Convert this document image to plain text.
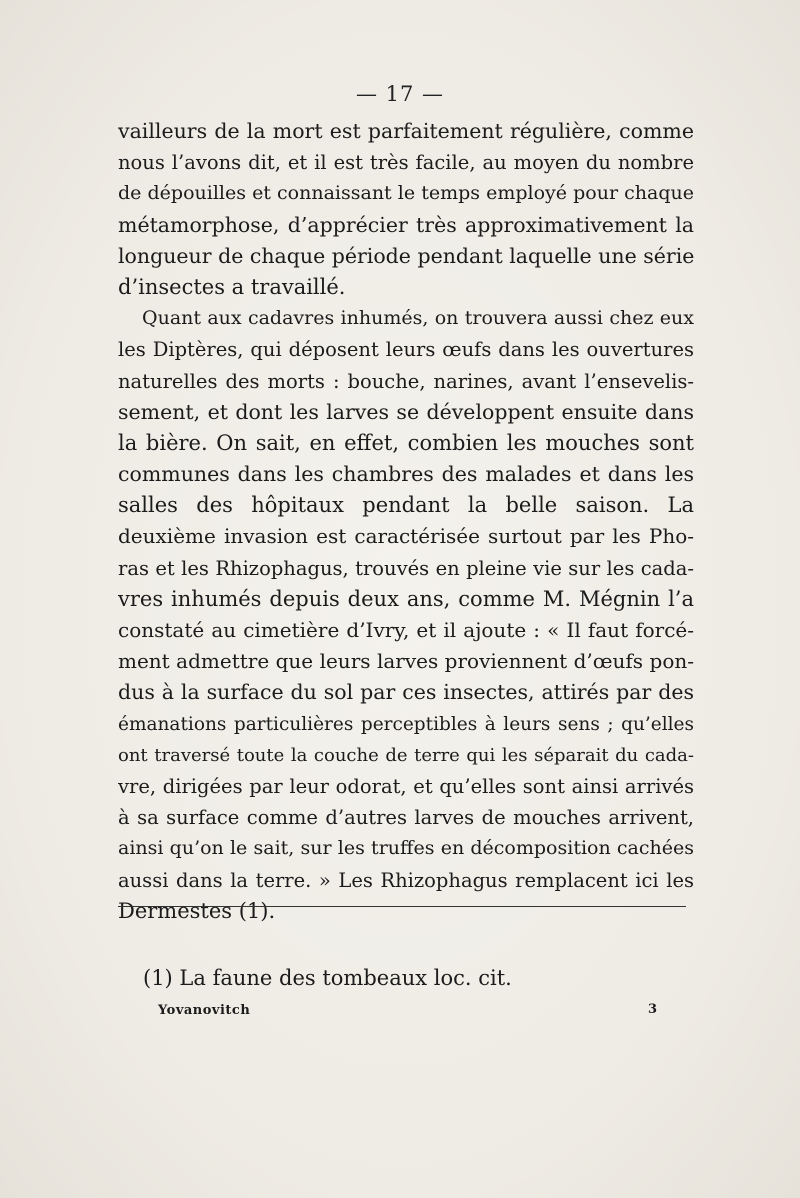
— 17 —
vailleurs de la mort est parfaitement régulière, comme
nous l’avons dit, et il est très facile, au moyen du nombre
de dépouilles et connaissant le temps employé pour chaque
métamorphose, d’apprécier très approximativement la
longueur de chaque période pendant laquelle une série
d’insectes a travaillé.
Quant aux cadavres inhumés, on trouvera aussi chez eux
les Diptères, qui déposent leurs œufs dans les ouvertures
naturelles des morts : bouche, narines, avant l’ensevelis-
sement, et dont les larves se développent ensuite dans
la bière. On sait, en effet, combien les mouches sont
communes dans les chambres des malades et dans les
salles des hôpitaux pendant la belle saison. La
deuxième invasion est caractérisée surtout par les Pho-
ras et les Rhizophagus, trouvés en pleine vie sur les cada-
vres inhumés depuis deux ans, comme M. Mégnin l’a
constaté au cimetière d’Ivry, et il ajoute : « Il faut forcé-
ment admettre que leurs larves proviennent d’œufs pon-
dus à la surface du sol par ces insectes, attirés par des
émanations particulières perceptibles à leurs sens ; qu’elles
ont traversé toute la couche de terre qui les séparait du cada-
vre, dirigées par leur odorat, et qu’elles sont ainsi arrivés
à sa surface comme d’autres larves de mouches arrivent,
ainsi qu’on le sait, sur les truffes en décomposition cachées
aussi dans la terre. » Les Rhizophagus remplacent ici les
Dermestes (1).
(1) La faune des tombeaux loc. cit.
Yovanovitch	3
